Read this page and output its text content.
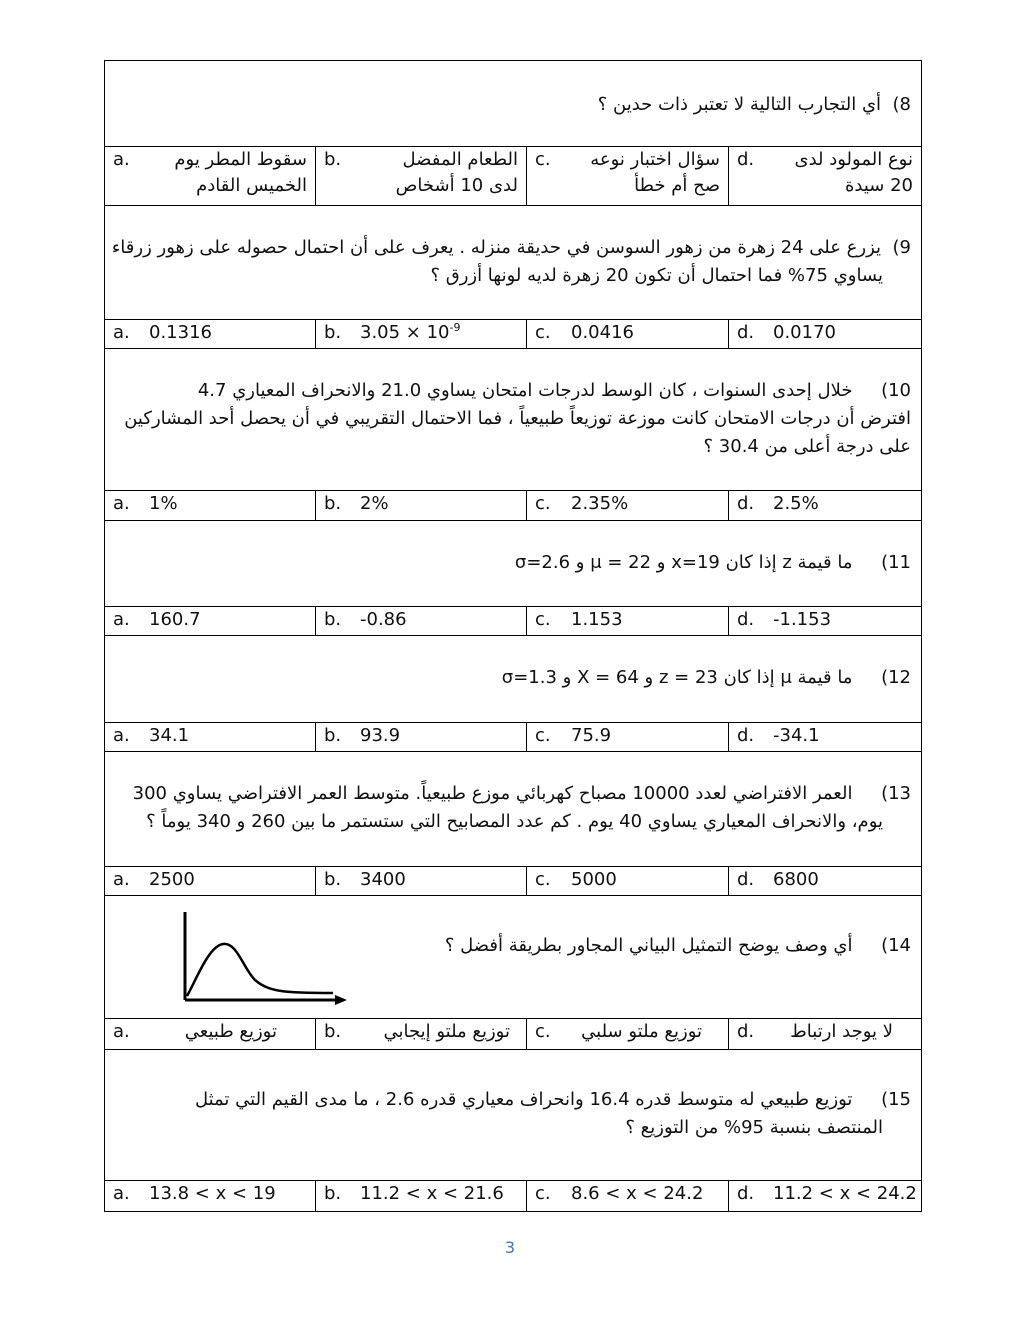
8)  أي التجارب التالية لا تعتبر ذات حدين ؟
a.	سقوط المطر يوم
الخميس القادم
b.	الطعام المفضل
لدى 10 أشخاص
c.	سؤال اختبار نوعه
صح أم خطأ
d.	نوع المولود لدى
20 سيدة
9)  يزرع على 24 زهرة من زهور السوسن في حديقة منزله . يعرف على أن احتمال حصوله على زهور زرقاء
يساوي 75% فما احتمال أن تكون 20 زهرة لديه لونها أزرق ؟
a. 0.1316	b. $3.05 \times 10^{-9}$	c. 0.0416	d. 0.0170
10)     خلال إحدى السنوات ، كان الوسط لدرجات امتحان يساوي 21.0 والانحراف المعياري 4.7
افترض أن درجات الامتحان كانت موزعة توزيعاً طبيعياً ، فما الاحتمال التقريبي في أن يحصل أحد المشاركين
على درجة أعلى من 30.4 ؟
a. 1%	b. 2%	c. 2.35%	d. 2.5%
11)     ما قيمة z إذا كان x=19 و μ = 22 و σ=2.6
a. 160.7	b. -0.86	c. 1.153	d. -1.153
12)     ما قيمة μ إذا كان z = 23 و X = 64 و σ=1.3
a. 34.1	b. 93.9	c. 75.9	d. -34.1
13)     العمر الافتراضي لعدد 10000 مصباح كهربائي موزع طبيعياً. متوسط العمر الافتراضي يساوي 300
يوم، والانحراف المعياري يساوي 40 يوم . كم عدد المصابيح التي ستستمر ما بين 260 و 340 يوماً ؟
a. 2500	b. 3400	c. 5000	d. 6800
14)     أي وصف يوضح التمثيل البياني المجاور بطريقة أفضل ؟
a.	توزيع طبيعي	b.	توزيع ملتو إيجابي	c.	توزيع ملتو سلبي	d.	لا يوجد ارتباط
15)     توزيع طبيعي له متوسط قدره 16.4 وانحراف معياري قدره 2.6 ، ما مدى القيم التي تمثل
المنتصف بنسبة 95% من التوزيع ؟
a. 13.8 < x < 19	b. 11.2 < x < 21.6	c. 8.6 < x < 24.2	d. 11.2 < x < 24.2
3
